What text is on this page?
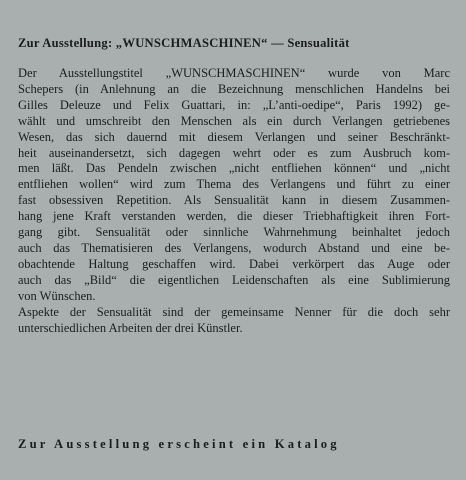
Zur Ausstellung: „WUNSCHMASCHINEN“ — Sensualität
Der Ausstellungstitel „WUNSCHMASCHINEN“ wurde von Marc
Schepers (in Anlehnung an die Bezeichnung menschlichen Handelns bei
Gilles Deleuze und Felix Guattari, in: „L’anti-oedipe“, Paris 1992) ge-
wählt und umschreibt den Menschen als ein durch Verlangen getriebenes
Wesen, das sich dauernd mit diesem Verlangen und seiner Beschränkt-
heit auseinandersetzt, sich dagegen wehrt oder es zum Ausbruch kom-
men läßt. Das Pendeln zwischen „nicht entfliehen können“ und „nicht
entfliehen wollen“ wird zum Thema des Verlangens und führt zu einer
fast obsessiven Repetition. Als Sensualität kann in diesem Zusammen-
hang jene Kraft verstanden werden, die dieser Triebhaftigkeit ihren Fort-
gang gibt. Sensualität oder sinnliche Wahrnehmung beinhaltet jedoch
auch das Thematisieren des Verlangens, wodurch Abstand und eine be-
obachtende Haltung geschaffen wird. Dabei verkörpert das Auge oder
auch das „Bild“ die eigentlichen Leidenschaften als eine Sublimierung
von Wünschen.
Aspekte der Sensualität sind der gemeinsame Nenner für die doch sehr
unterschiedlichen Arbeiten der drei Künstler.

Zur Ausstellung erscheint ein Katalog
